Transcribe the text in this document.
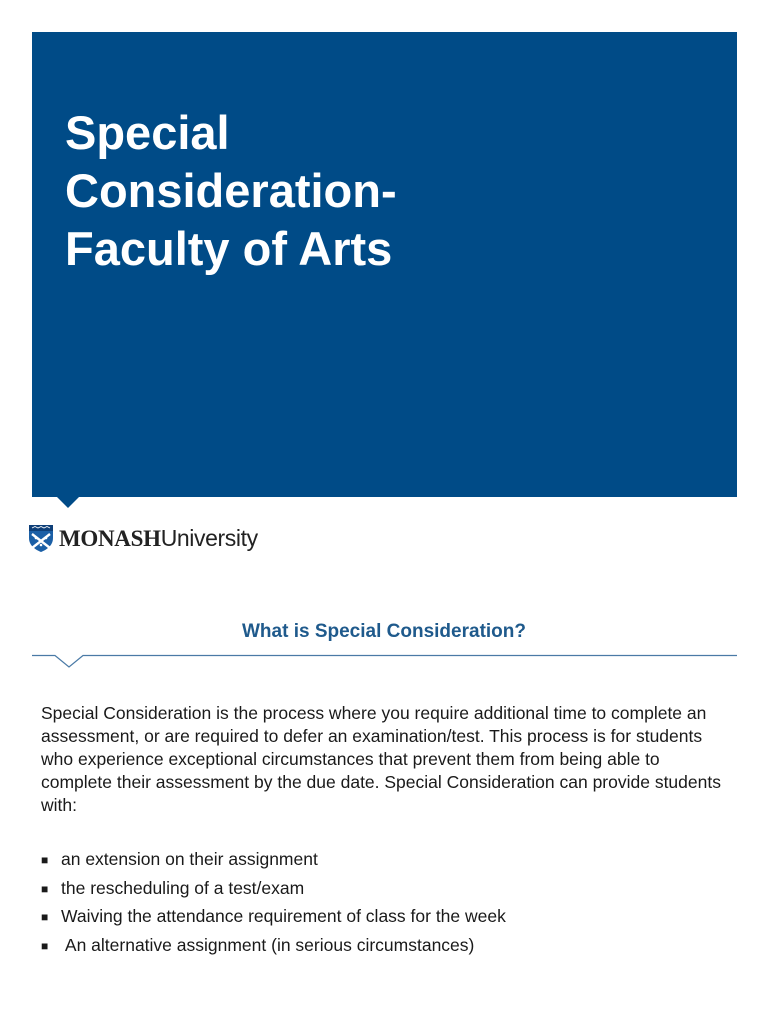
Special
Consideration-
Faculty of Arts
MONASHUniversity
What is Special Consideration?

Special Consideration is the process where you require additional time to complete an assessment, or are required to defer an examination/test. This process is for students who experience exceptional circumstances that prevent them from being able to complete their assessment by the due date. Special Consideration can provide students with:

■ an extension on their assignment
■ the rescheduling of a test/exam
■ Waiving the attendance requirement of class for the week
■ An alternative assignment (in serious circumstances)
